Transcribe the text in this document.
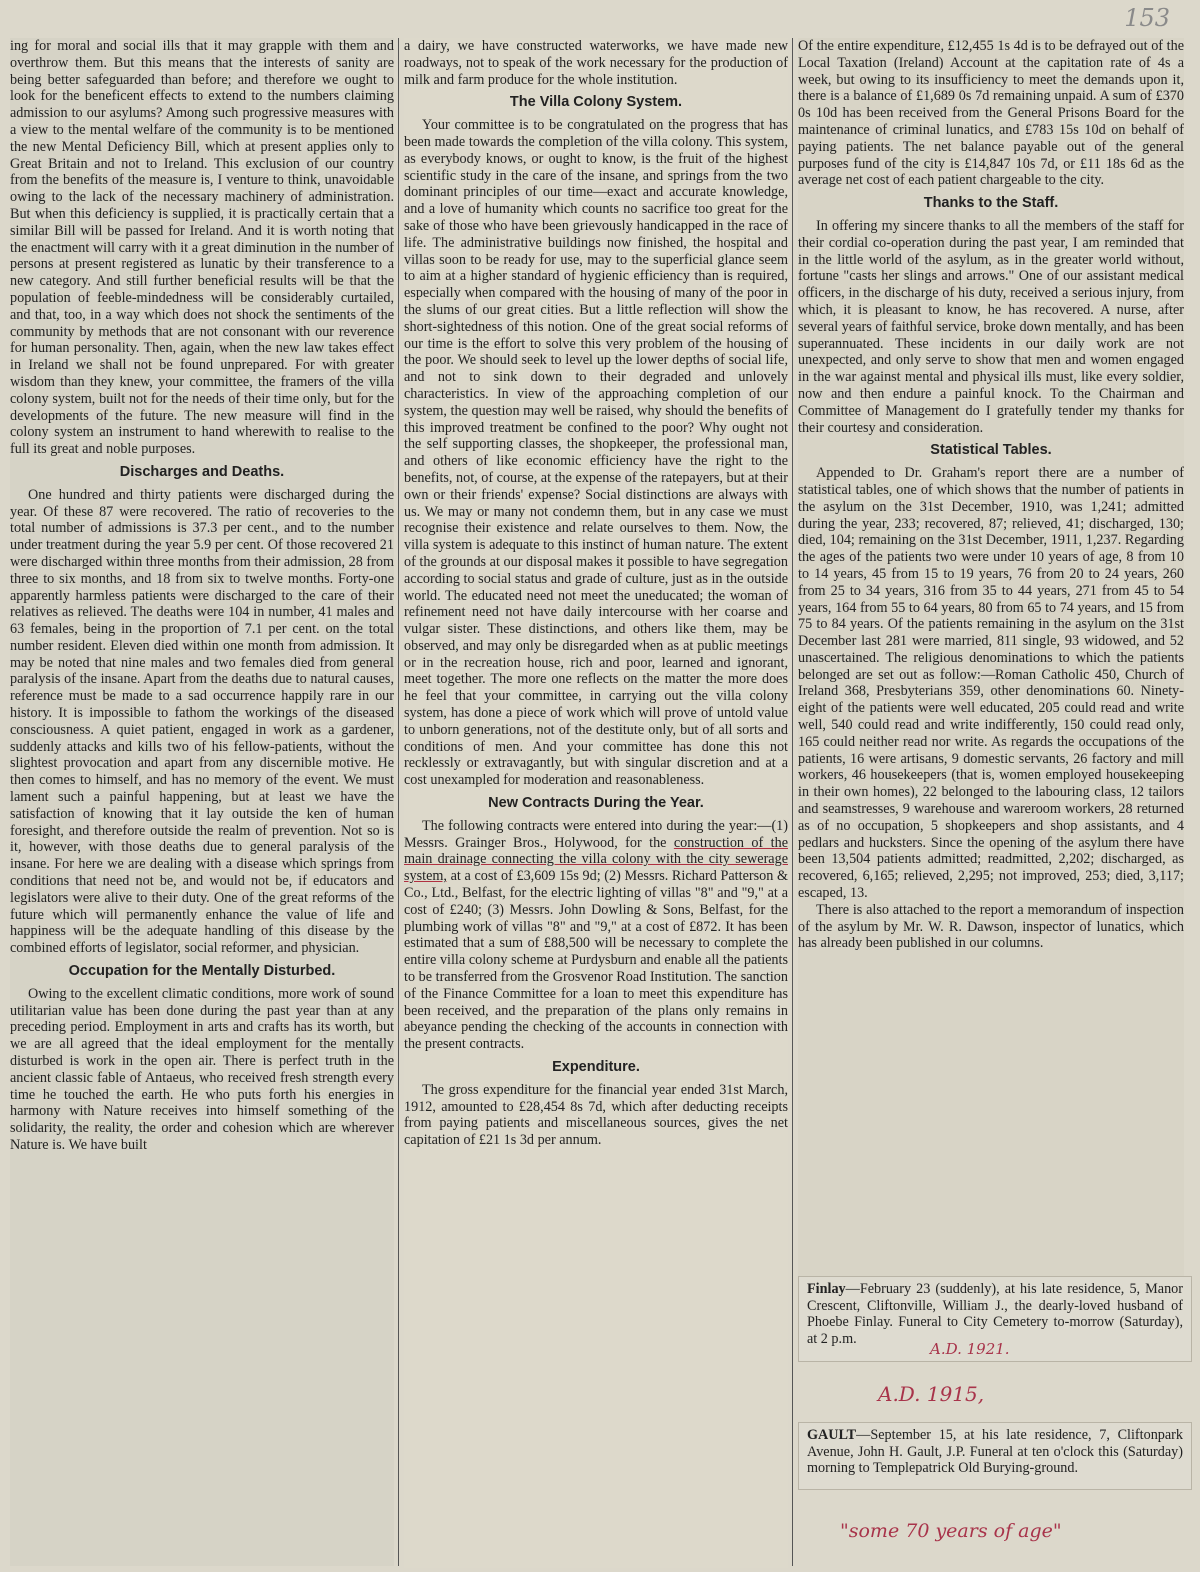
153

ing for moral and social ills that it may grapple with them and overthrow them. But this means that the interests of sanity are being better safeguarded than before; and therefore we ought to look for the beneficent effects to extend to the numbers claiming admission to our asylums? Among such progressive measures with a view to the mental welfare of the community is to be mentioned the new Mental Deficiency Bill, which at present applies only to Great Britain and not to Ireland. This exclusion of our country from the benefits of the measure is, I venture to think, unavoidable owing to the lack of the necessary machinery of administration. But when this deficiency is supplied, it is practically certain that a similar Bill will be passed for Ireland. And it is worth noting that the enactment will carry with it a great diminution in the number of persons at present registered as lunatic by their transference to a new category. And still further beneficial results will be that the population of feeble-mindedness will be considerably curtailed, and that, too, in a way which does not shock the sentiments of the community by methods that are not consonant with our reverence for human personality. Then, again, when the new law takes effect in Ireland we shall not be found unprepared. For with greater wisdom than they knew, your committee, the framers of the villa colony system, built not for the needs of their time only, but for the developments of the future. The new measure will find in the colony system an instrument to hand wherewith to realise to the full its great and noble purposes.

Discharges and Deaths.

One hundred and thirty patients were discharged during the year. Of these 87 were recovered. The ratio of recoveries to the total number of admissions is 37.3 per cent., and to the number under treatment during the year 5.9 per cent. Of those recovered 21 were discharged within three months from their admission, 28 from three to six months, and 18 from six to twelve months. Forty-one apparently harmless patients were discharged to the care of their relatives as relieved. The deaths were 104 in number, 41 males and 63 females, being in the proportion of 7.1 per cent. on the total number resident. Eleven died within one month from admission. It may be noted that nine males and two females died from general paralysis of the insane. Apart from the deaths due to natural causes, reference must be made to a sad occurrence happily rare in our history. It is impossible to fathom the workings of the diseased consciousness. A quiet patient, engaged in work as a gardener, suddenly attacks and kills two of his fellow-patients, without the slightest provocation and apart from any discernible motive. He then comes to himself, and has no memory of the event. We must lament such a painful happening, but at least we have the satisfaction of knowing that it lay outside the ken of human foresight, and therefore outside the realm of prevention. Not so is it, however, with those deaths due to general paralysis of the insane. For here we are dealing with a disease which springs from conditions that need not be, and would not be, if educators and legislators were alive to their duty. One of the great reforms of the future which will permanently enhance the value of life and happiness will be the adequate handling of this disease by the combined efforts of legislator, social reformer, and physician.

Occupation for the Mentally Disturbed.

Owing to the excellent climatic conditions, more work of sound utilitarian value has been done during the past year than at any preceding period. Employment in arts and crafts has its worth, but we are all agreed that the ideal employment for the mentally disturbed is work in the open air. There is perfect truth in the ancient classic fable of Antaeus, who received fresh strength every time he touched the earth. He who puts forth his energies in harmony with Nature receives into himself something of the solidarity, the reality, the order and cohesion which are wherever Nature is. We have built

a dairy, we have constructed waterworks, we have made new roadways, not to speak of the work necessary for the production of milk and farm produce for the whole institution.

The Villa Colony System.

Your committee is to be congratulated on the progress that has been made towards the completion of the villa colony. This system, as everybody knows, or ought to know, is the fruit of the highest scientific study in the care of the insane, and springs from the two dominant principles of our time—exact and accurate knowledge, and a love of humanity which counts no sacrifice too great for the sake of those who have been grievously handicapped in the race of life. The administrative buildings now finished, the hospital and villas soon to be ready for use, may to the superficial glance seem to aim at a higher standard of hygienic efficiency than is required, especially when compared with the housing of many of the poor in the slums of our great cities. But a little reflection will show the short-sightedness of this notion. One of the great social reforms of our time is the effort to solve this very problem of the housing of the poor. We should seek to level up the lower depths of social life, and not to sink down to their degraded and unlovely characteristics. In view of the approaching completion of our system, the question may well be raised, why should the benefits of this improved treatment be confined to the poor? Why ought not the self supporting classes, the shopkeeper, the professional man, and others of like economic efficiency have the right to the benefits, not, of course, at the expense of the ratepayers, but at their own or their friends' expense? Social distinctions are always with us. We may or many not condemn them, but in any case we must recognise their existence and relate ourselves to them. Now, the villa system is adequate to this instinct of human nature. The extent of the grounds at our disposal makes it possible to have segregation according to social status and grade of culture, just as in the outside world. The educated need not meet the uneducated; the woman of refinement need not have daily intercourse with her coarse and vulgar sister. These distinctions, and others like them, may be observed, and may only be disregarded when as at public meetings or in the recreation house, rich and poor, learned and ignorant, meet together. The more one reflects on the matter the more does he feel that your committee, in carrying out the villa colony system, has done a piece of work which will prove of untold value to unborn generations, not of the destitute only, but of all sorts and conditions of men. And your committee has done this not recklessly or extravagantly, but with singular discretion and at a cost unexampled for moderation and reasonableness.

New Contracts During the Year.

The following contracts were entered into during the year:—(1) Messrs. Grainger Bros., Holywood, for the construction of the main drainage connecting the villa colony with the city sewerage system, at a cost of £3,609 15s 9d; (2) Messrs. Richard Patterson & Co., Ltd., Belfast, for the electric lighting of villas "8" and "9," at a cost of £240; (3) Messrs. John Dowling & Sons, Belfast, for the plumbing work of villas "8" and "9," at a cost of £872. It has been estimated that a sum of £88,500 will be necessary to complete the entire villa colony scheme at Purdysburn and enable all the patients to be transferred from the Grosvenor Road Institution. The sanction of the Finance Committee for a loan to meet this expenditure has been received, and the preparation of the plans only remains in abeyance pending the checking of the accounts in connection with the present contracts.

Expenditure.

The gross expenditure for the financial year ended 31st March, 1912, amounted to £28,454 8s 7d, which after deducting receipts from paying patients and miscellaneous sources, gives the net capitation of £21 1s 3d per annum.

Of the entire expenditure, £12,455 1s 4d is to be defrayed out of the Local Taxation (Ireland) Account at the capitation rate of 4s a week, but owing to its insufficiency to meet the demands upon it, there is a balance of £1,689 0s 7d remaining unpaid. A sum of £370 0s 10d has been received from the General Prisons Board for the maintenance of criminal lunatics, and £783 15s 10d on behalf of paying patients. The net balance payable out of the general purposes fund of the city is £14,847 10s 7d, or £11 18s 6d as the average net cost of each patient chargeable to the city.

Thanks to the Staff.

In offering my sincere thanks to all the members of the staff for their cordial co-operation during the past year, I am reminded that in the little world of the asylum, as in the greater world without, fortune "casts her slings and arrows." One of our assistant medical officers, in the discharge of his duty, received a serious injury, from which, it is pleasant to know, he has recovered. A nurse, after several years of faithful service, broke down mentally, and has been superannuated. These incidents in our daily work are not unexpected, and only serve to show that men and women engaged in the war against mental and physical ills must, like every soldier, now and then endure a painful knock. To the Chairman and Committee of Management do I gratefully tender my thanks for their courtesy and consideration.

Statistical Tables.

Appended to Dr. Graham's report there are a number of statistical tables, one of which shows that the number of patients in the asylum on the 31st December, 1910, was 1,241; admitted during the year, 233; recovered, 87; relieved, 41; discharged, 130; died, 104; remaining on the 31st December, 1911, 1,237. Regarding the ages of the patients two were under 10 years of age, 8 from 10 to 14 years, 45 from 15 to 19 years, 76 from 20 to 24 years, 260 from 25 to 34 years, 316 from 35 to 44 years, 271 from 45 to 54 years, 164 from 55 to 64 years, 80 from 65 to 74 years, and 15 from 75 to 84 years. Of the patients remaining in the asylum on the 31st December last 281 were married, 811 single, 93 widowed, and 52 unascertained. The religious denominations to which the patients belonged are set out as follow:—Roman Catholic 450, Church of Ireland 368, Presbyterians 359, other denominations 60. Ninety-eight of the patients were well educated, 205 could read and write well, 540 could read and write indifferently, 150 could read only, 165 could neither read nor write. As regards the occupations of the patients, 16 were artisans, 9 domestic servants, 26 factory and mill workers, 46 housekeepers (that is, women employed housekeeping in their own homes), 22 belonged to the labouring class, 12 tailors and seamstresses, 9 warehouse and wareroom workers, 28 returned as of no occupation, 5 shopkeepers and shop assistants, and 4 pedlars and hucksters. Since the opening of the asylum there have been 13,504 patients admitted; readmitted, 2,202; discharged, as recovered, 6,165; relieved, 2,295; not improved, 253; died, 3,117; escaped, 13.

There is also attached to the report a memorandum of inspection of the asylum by Mr. W. R. Dawson, inspector of lunatics, which has already been published in our columns.

Finlay—February 23 (suddenly), at his late residence, 5, Manor Crescent, Cliftonville, William J., the dearly-loved husband of Phoebe Finlay. Funeral to City Cemetery to-morrow (Saturday), at 2 p.m.
A.D. 1921.
A.D. 1915,
GAULT—September 15, at his late residence, 7, Cliftonpark Avenue, John H. Gault, J.P. Funeral at ten o'clock this (Saturday) morning to Templepatrick Old Burying-ground.
"some 70 years of age"
